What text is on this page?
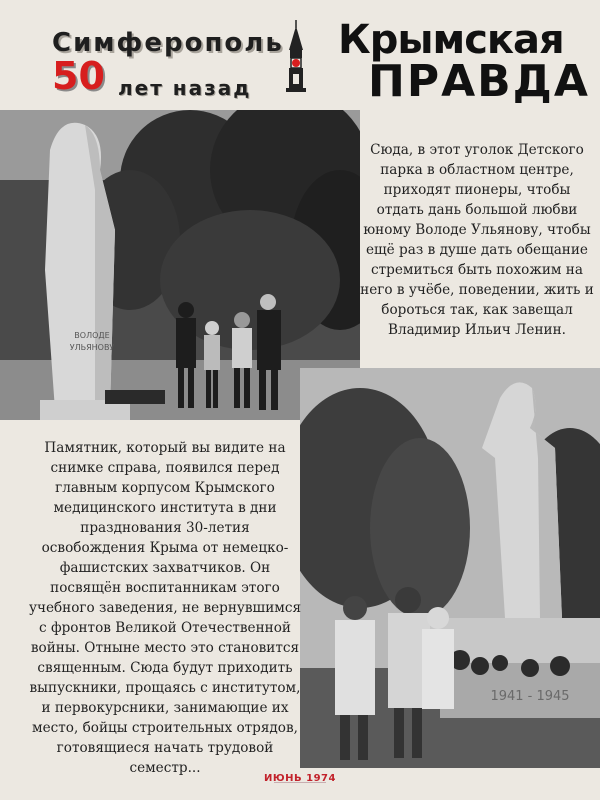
Симферополь
50 лет назад
Крымская
ПРАВДА
ВОЛОДЕ
УЛЬЯНОВУ
Сюда, в этот уголок Детского парка в областном центре, приходят пионеры, чтобы отдать дань большой любви юному Володе Ульянову, чтобы ещё раз в душе дать обещание стремиться быть похожим на него в учёбе, поведении, жить и бороться так, как завещал Владимир Ильич Ленин.
1941 - 1945
Памятник, который вы видите на снимке справа, появился перед главным корпусом Крымского медицинского института в дни празднования 30-летия освобождения Крыма от немецко-фашистских захватчиков. Он посвящён воспитанникам этого учебного заведения, не вернувшимся с фронтов Великой Отечественной войны. Отныне место это становится священным. Сюда будут приходить выпускники, прощаясь с институтом, и первокурсники, занимающие их место, бойцы строительных отрядов, готовящиеся начать трудовой семестр...
ИЮНЬ 1974
